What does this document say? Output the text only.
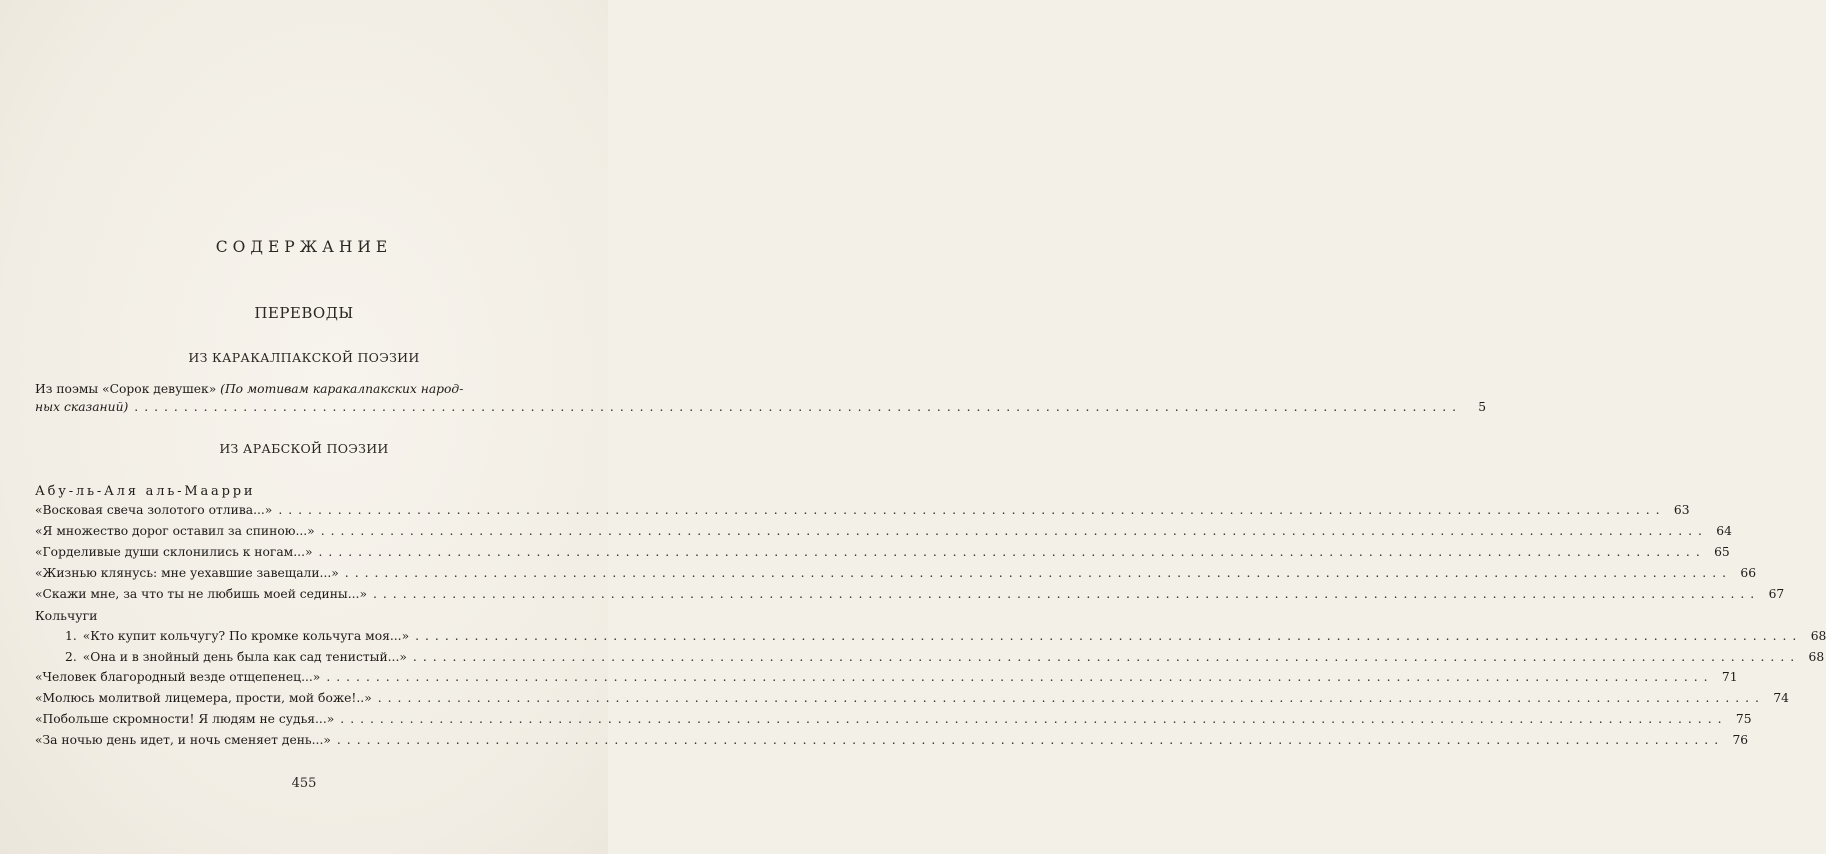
СОДЕРЖАНИЕ
ПЕРЕВОДЫ
ИЗ КАРАКАЛПАКСКОЙ ПОЭЗИИ
Из поэмы «Сорок девушек» (По мотивам каракалпакских народ-
ных сказаний) ......................................................................................................................................	5
ИЗ АРАБСКОЙ ПОЭЗИИ
Абу-ль-Аля аль-Маарри
«Восковая свеча золотого отлива...» ............................................................................................................................................ 63
«Я множество дорог оставил за спиною...» ............................................................................................................................................ 64
«Горделивые души склонились к ногам...» ............................................................................................................................................ 65
«Жизнью клянусь: мне уехавшие завещали...» ............................................................................................................................................ 66
«Скажи мне, за что ты не любишь моей седины...» ............................................................................................................................................ 67
Кольчуги
1. «Кто купит кольчугу? По кромке кольчуга моя...» ............................................................................................................................................ 68
2. «Она и в знойный день была как сад тенистый...» ............................................................................................................................................ 68
«Человек благородный везде отщепенец...» ............................................................................................................................................ 71
«Молюсь молитвой лицемера, прости, мой боже!..» ............................................................................................................................................ 74
«Побольше скромности! Я людям не судья...» ............................................................................................................................................ 75
«За ночью день идет, и ночь сменяет день...» ............................................................................................................................................ 76
455
